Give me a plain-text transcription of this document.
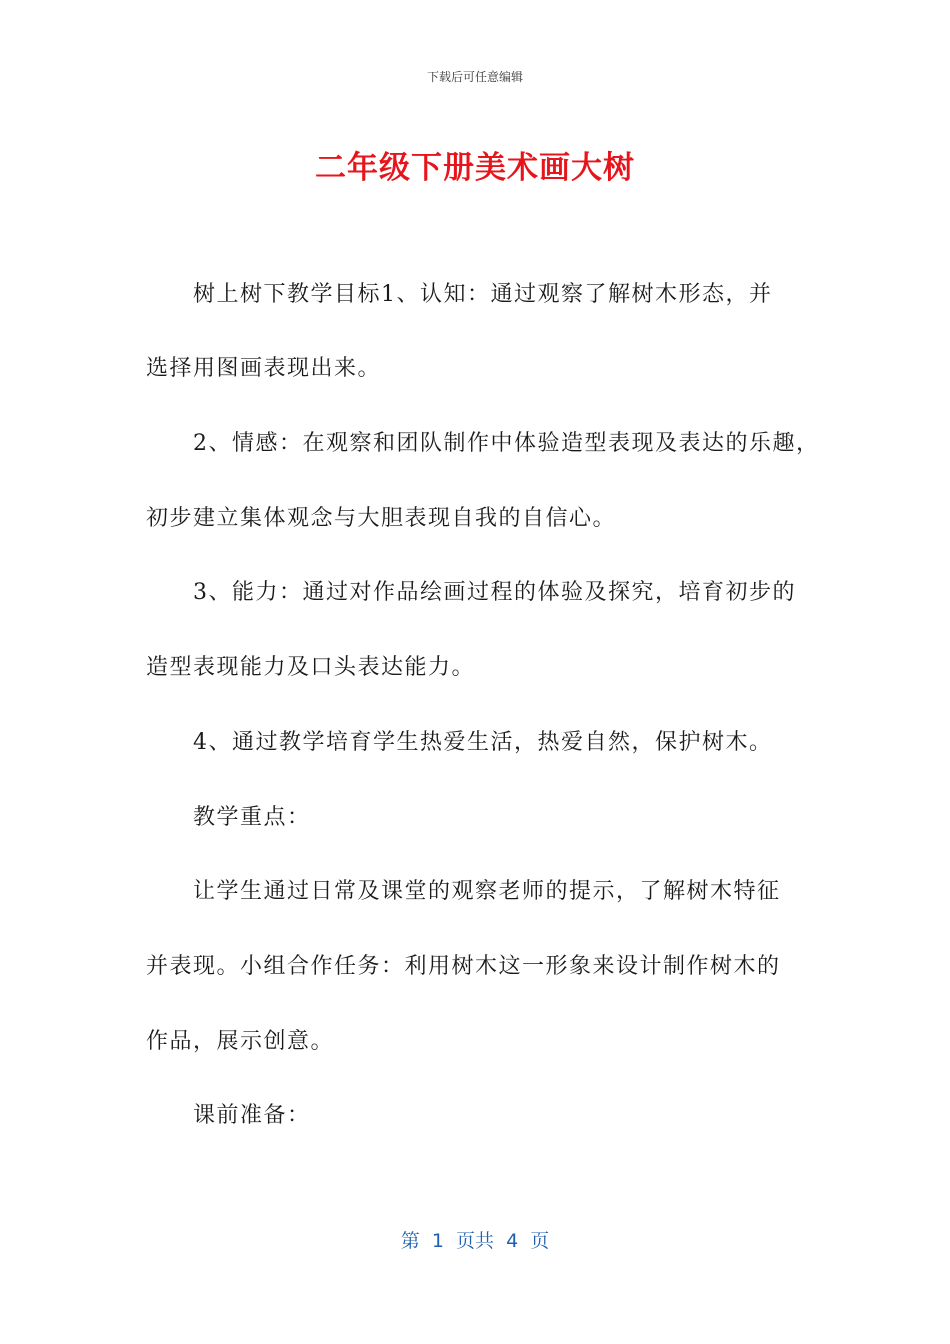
下载后可任意编辑
二年级下册美术画大树
树上树下教学目标1、认知：通过观察了解树木形态，并
选择用图画表现出来。
2、情感：在观察和团队制作中体验造型表现及表达的乐趣，
初步建立集体观念与大胆表现自我的自信心。
3、能力：通过对作品绘画过程的体验及探究，培育初步的
造型表现能力及口头表达能力。
4、通过教学培育学生热爱生活，热爱自然，保护树木。
教学重点：
让学生通过日常及课堂的观察老师的提示，了解树木特征
并表现。小组合作任务：利用树木这一形象来设计制作树木的
作品，展示创意。
课前准备：
第  1  页共  4  页
